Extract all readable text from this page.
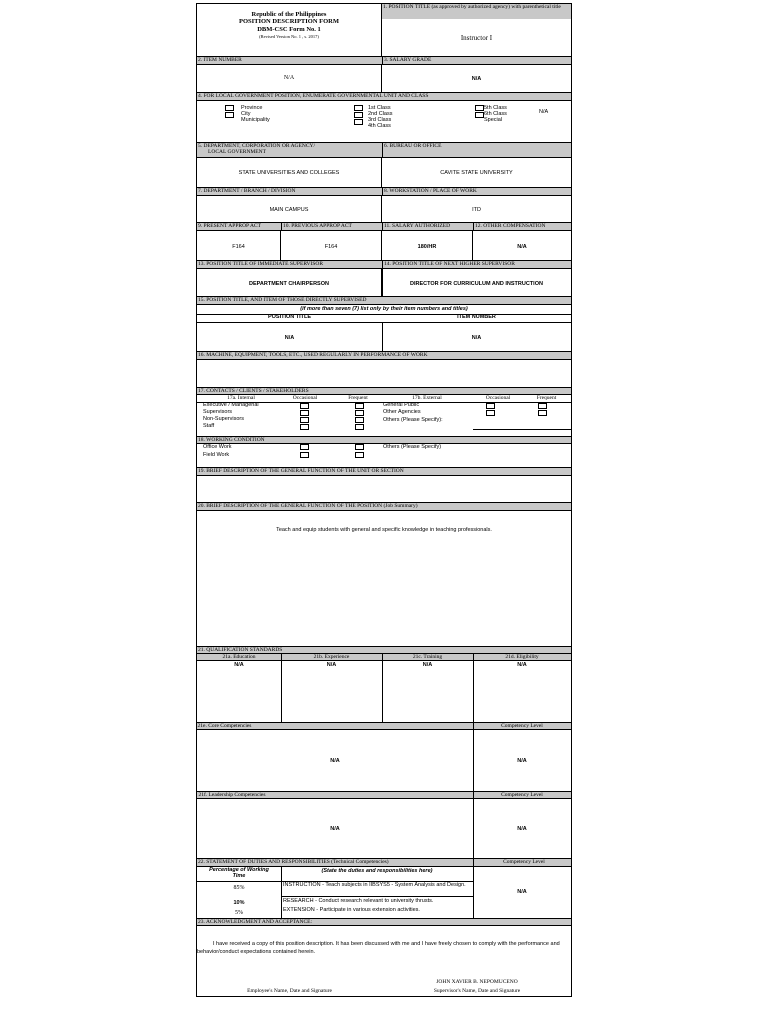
Republic of the Philippines
POSITION DESCRIPTION FORM
DBM-CSC Form No. 1
(Revised Version No. 1 , s. 2017)
1. POSITION TITLE (as approved by authorized agency) with parenthetical title
Instructor I
2. ITEM NUMBER	3. SALARY GRADE
N/A	N/A
4. FOR LOCAL GOVERNMENT POSITION, ENUMERATE GOVERNMENTAL UNIT AND CLASS
Province
City
Municipality
1st Class
2nd Class
3rd Class
4th Class
5th Class
6th Class
Special
N/A
5. DEPARTMENT, CORPORATION OR AGENCY/
LOCAL GOVERNMENT
6. BUREAU OR OFFICE
STATE UNIVERSITIES AND COLLEGES	CAVITE STATE UNIVERSITY
7. DEPARTMENT / BRANCH / DIVISION	8. WORKSTATION / PLACE OF WORK
MAIN CAMPUS	ITD
9. PRESENT APPROP ACT	10. PREVIOUS APPROP ACT	11. SALARY AUTHORIZED	12. OTHER COMPENSATION
F164	F164	180/HR	N/A
13. POSITION TITLE OF IMMEDIATE SUPERVISOR	14. POSITION TITLE OF NEXT HIGHER SUPERVISOR
DEPARTMENT CHAIRPERSON	DIRECTOR FOR CURRICULUM AND INSTRUCTION
15. POSITION TITLE, AND ITEM OF THOSE DIRECTLY SUPERVISED
(if more than seven (7) list only by their item numbers and titles)
POSITION TITLE	ITEM NUMBER
N/A	N/A
16. MACHINE, EQUIPMENT, TOOLS, ETC., USED REGULARLY IN PERFORMANCE OF WORK
17. CONTACTS / CLIENTS / STAKEHOLDERS
17a. Internal	Occasional	Frequent	17b. External	Occasional	Frequent
Executive / Managerial
Supervisors
Non-Supervisors
Staff
General Public
Other Agencies
Others (Please Specify):
18. WORKING CONDITION
Office Work
Field Work
Others (Please Specify)
19. BRIEF DESCRIPTION OF THE GENERAL FUNCTION OF THE UNIT OR SECTION
20. BRIEF DESCRIPTION OF THE GENERAL FUNCTION OF THE POSITION (Job Summary)
Teach and equip students with general and specific knowledge in teaching professionals.
21. QUALIFICATION STANDARDS
21a. Education	21b. Experience	21c. Training	21d. Eligibility
N/A	N/A	N/A	N/A
21e. Core Competencies	Competency Level
N/A	N/A
21f. Leadership Competencies	Competency Level
N/A	N/A
22. STATEMENT OF DUTIES AND RESPONSIBILITIES (Technical Competencies)	Competency Level
Percentage of Working Time
(State the duties and responsibilities here)
85%	INSTRUCTION - Teach subjects in IIBSYS5 - System Analysis and Design.
10%	RESEARCH - Conduct research relevant to university thrusts.
5%	EXTENSION - Participate in various extension activities.
N/A
23. ACKNOWLEDGMENT AND ACCEPTANCE:
I have received a copy of this position description. It has been discussed with me and I have freely chosen to comply with the performance and behavior/conduct expectations contained herein.
JOHN XAVIER B. NEPOMUCENO
Employee's Name, Date and Signature	Supervisor's Name, Date and Signature
